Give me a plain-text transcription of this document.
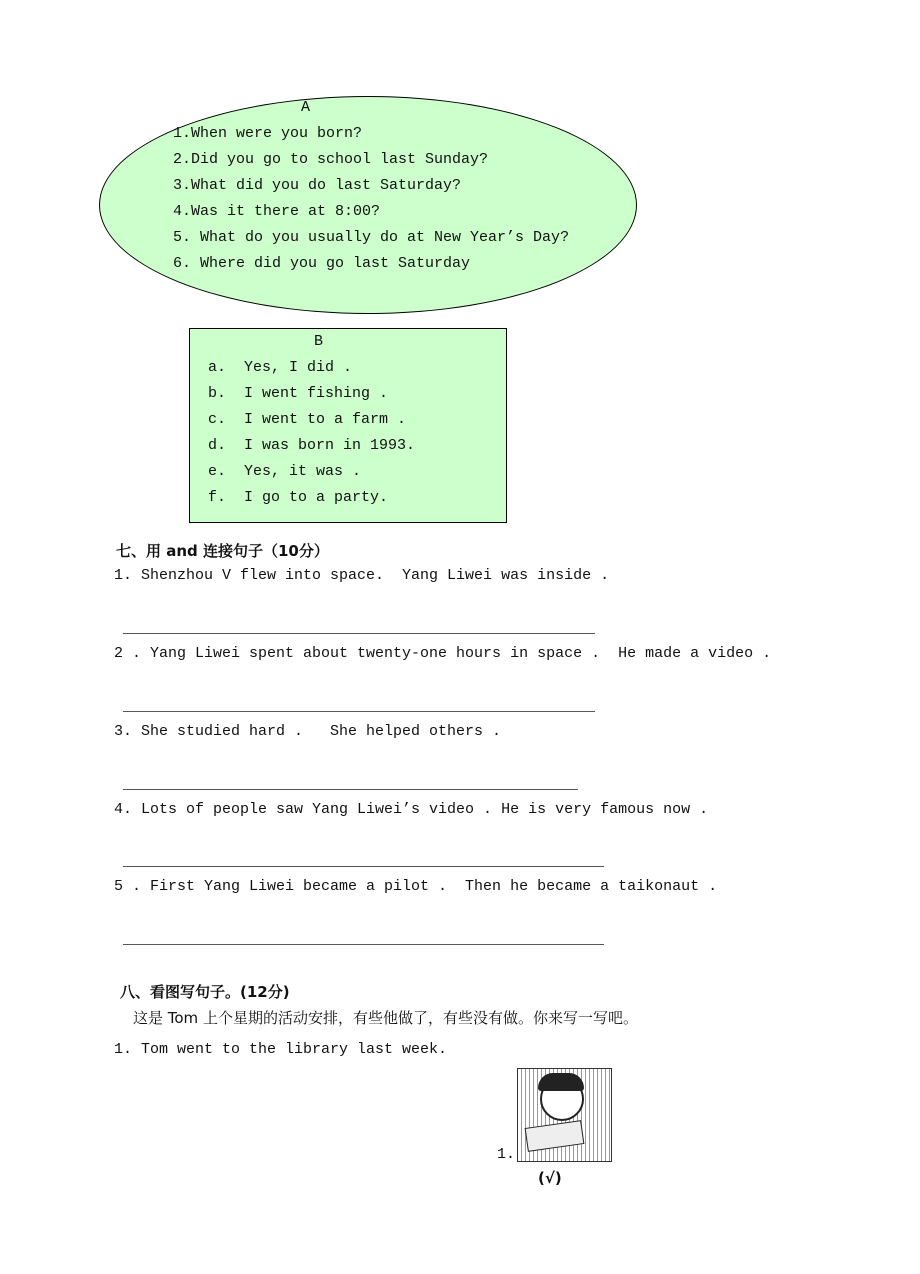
A
1.When were you born?
2.Did you go to school last Sunday?
3.What did you do last Saturday?
4.Was it there at 8:00?
5. What do you usually do at New Year’s Day?
6. Where did you go last Saturday
B
a.  Yes, I did .
b.  I went fishing .
c.  I went to a farm .
d.  I was born in 1993.
e.  Yes, it was .
f.  I go to a party.
七、用 and 连接句子（10分）
1. Shenzhou V flew into space.  Yang Liwei was inside .
2 . Yang Liwei spent about twenty-one hours in space .  He made a video .
3. She studied hard .   She helped others .
4. Lots of people saw Yang Liwei’s video . He is very famous now .
5 . First Yang Liwei became a pilot .  Then he became a taikonaut .
八、看图写句子。(12分)
这是 Tom 上个星期的活动安排，有些他做了，有些没有做。你来写一写吧。
1. Tom went to the library last week.
1.
(√)
